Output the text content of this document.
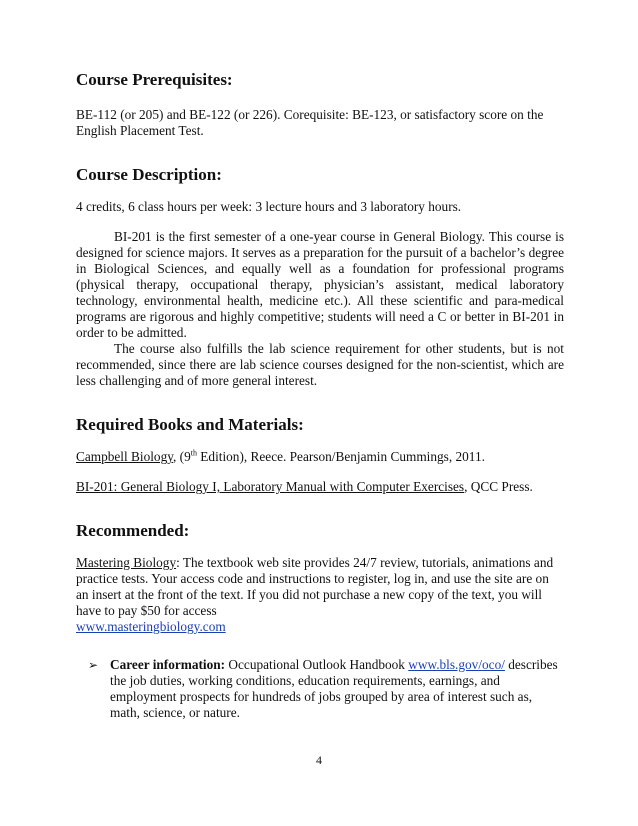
Course Prerequisites:

BE-112 (or 205) and BE-122 (or 226). Corequisite: BE-123, or satisfactory score on the English Placement Test.

Course Description:

4 credits, 6 class hours per week: 3 lecture hours and 3 laboratory hours.

BI-201 is the first semester of a one-year course in General Biology. This course is designed for science majors. It serves as a preparation for the pursuit of a bachelor’s degree in Biological Sciences, and equally well as a foundation for professional programs (physical therapy, occupational therapy, physician’s assistant, medical laboratory technology, environmental health, medicine etc.). All these scientific and para-medical programs are rigorous and highly competitive; students will need a C or better in BI-201 in order to be admitted.

The course also fulfills the lab science requirement for other students, but is not recommended, since there are lab science courses designed for the non-scientist, which are less challenging and of more general interest.

Required Books and Materials:

Campbell Biology, (9th Edition), Reece. Pearson/Benjamin Cummings, 2011.

BI-201: General Biology I, Laboratory Manual with Computer Exercises, QCC Press.

Recommended:

Mastering Biology: The textbook web site provides 24/7 review, tutorials, animations and practice tests. Your access code and instructions to register, log in, and use the site are on an insert at the front of the text. If you did not purchase a new copy of the text, you will have to pay $50 for access
www.masteringbiology.com

➢ Career information: Occupational Outlook Handbook www.bls.gov/oco/ describes the job duties, working conditions, education requirements, earnings, and employment prospects for hundreds of jobs grouped by area of interest such as, math, science, or nature.

4
